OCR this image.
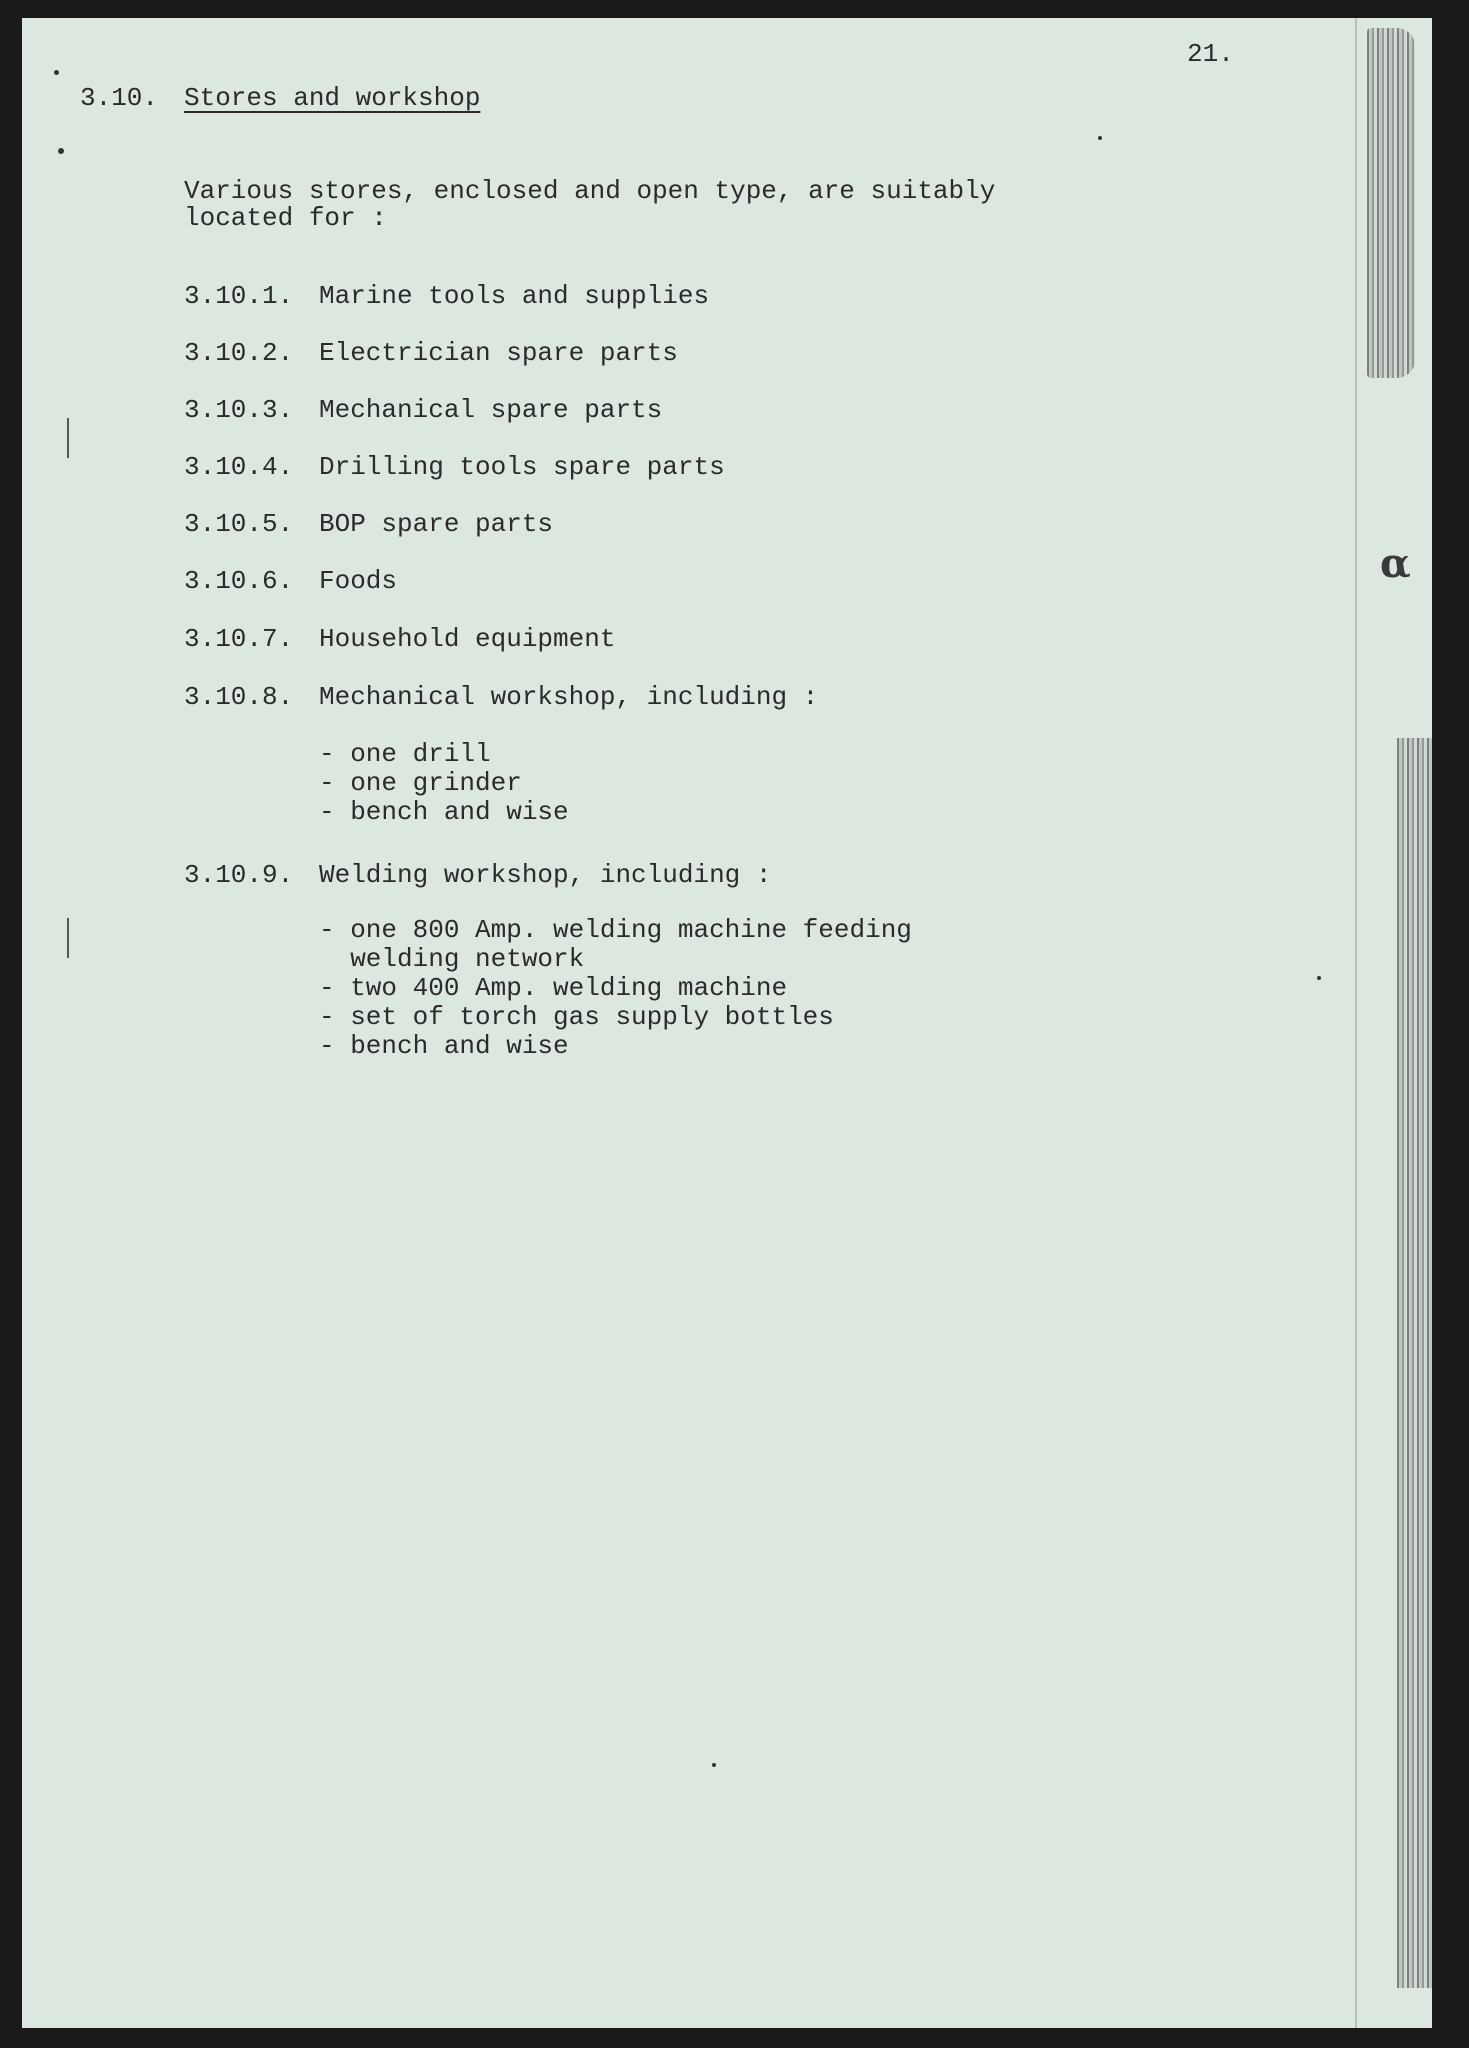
α
21.
3.10. Stores and workshop
Various stores, enclosed and open type, are suitably
located for :
3.10.1. Marine tools and supplies
3.10.2. Electrician spare parts
3.10.3. Mechanical spare parts
3.10.4. Drilling tools spare parts
3.10.5. BOP spare parts
3.10.6. Foods
3.10.7. Household equipment
3.10.8. Mechanical workshop, including :
- one drill
- one grinder
- bench and wise
3.10.9. Welding workshop, including :
- one 800 Amp. welding machine feeding
welding network
- two 400 Amp. welding machine
- set of torch gas supply bottles
- bench and wise
